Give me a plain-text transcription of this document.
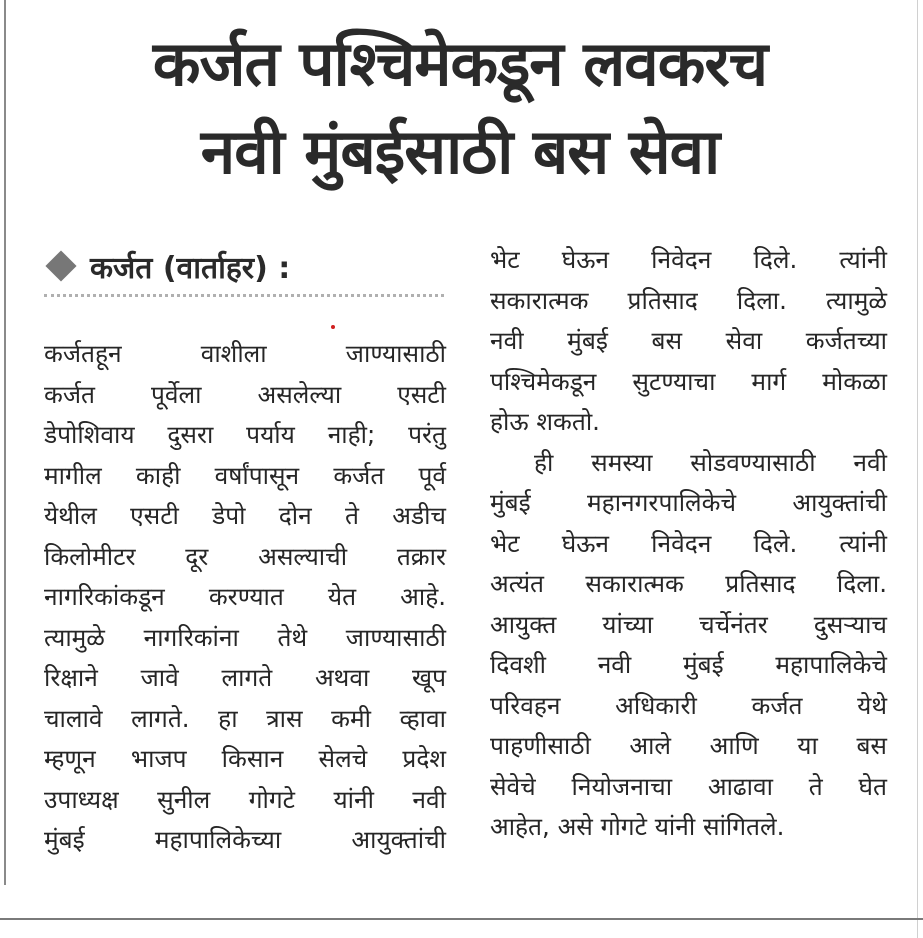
कर्जत पश्चिमेकडून लवकरच
नवी मुंबईसाठी बस सेवा
कर्जत (वार्ताहर) :
कर्जतहून वाशीला जाण्यासाठी
कर्जत पूर्वेला असलेल्या एसटी
डेपोशिवाय दुसरा पर्याय नाही; परंतु
मागील काही वर्षांपासून कर्जत पूर्व
येथील एसटी डेपो दोन ते अडीच
किलोमीटर दूर असल्याची तक्रार
नागरिकांकडून करण्यात येत आहे.
त्यामुळे नागरिकांना तेथे जाण्यासाठी
रिक्षाने जावे लागते अथवा खूप
चालावे लागते. हा त्रास कमी व्हावा
म्हणून भाजप किसान सेलचे प्रदेश
उपाध्यक्ष सुनील गोगटे यांनी नवी
मुंबई महापालिकेच्या आयुक्तांची
भेट घेऊन निवेदन दिले. त्यांनी
सकारात्मक प्रतिसाद दिला. त्यामुळे
नवी मुंबई बस सेवा कर्जतच्या
पश्चिमेकडून सुटण्याचा मार्ग मोकळा
होऊ शकतो.
ही समस्या सोडवण्यासाठी नवी
मुंबई महानगरपालिकेचे आयुक्तांची
भेट घेऊन निवेदन दिले. त्यांनी
अत्यंत सकारात्मक प्रतिसाद दिला.
आयुक्त यांच्या चर्चेनंतर दुसऱ्याच
दिवशी नवी मुंबई महापालिकेचे
परिवहन अधिकारी कर्जत येथे
पाहणीसाठी आले आणि या बस
सेवेचे नियोजनाचा आढावा ते घेत
आहेत, असे गोगटे यांनी सांगितले.
